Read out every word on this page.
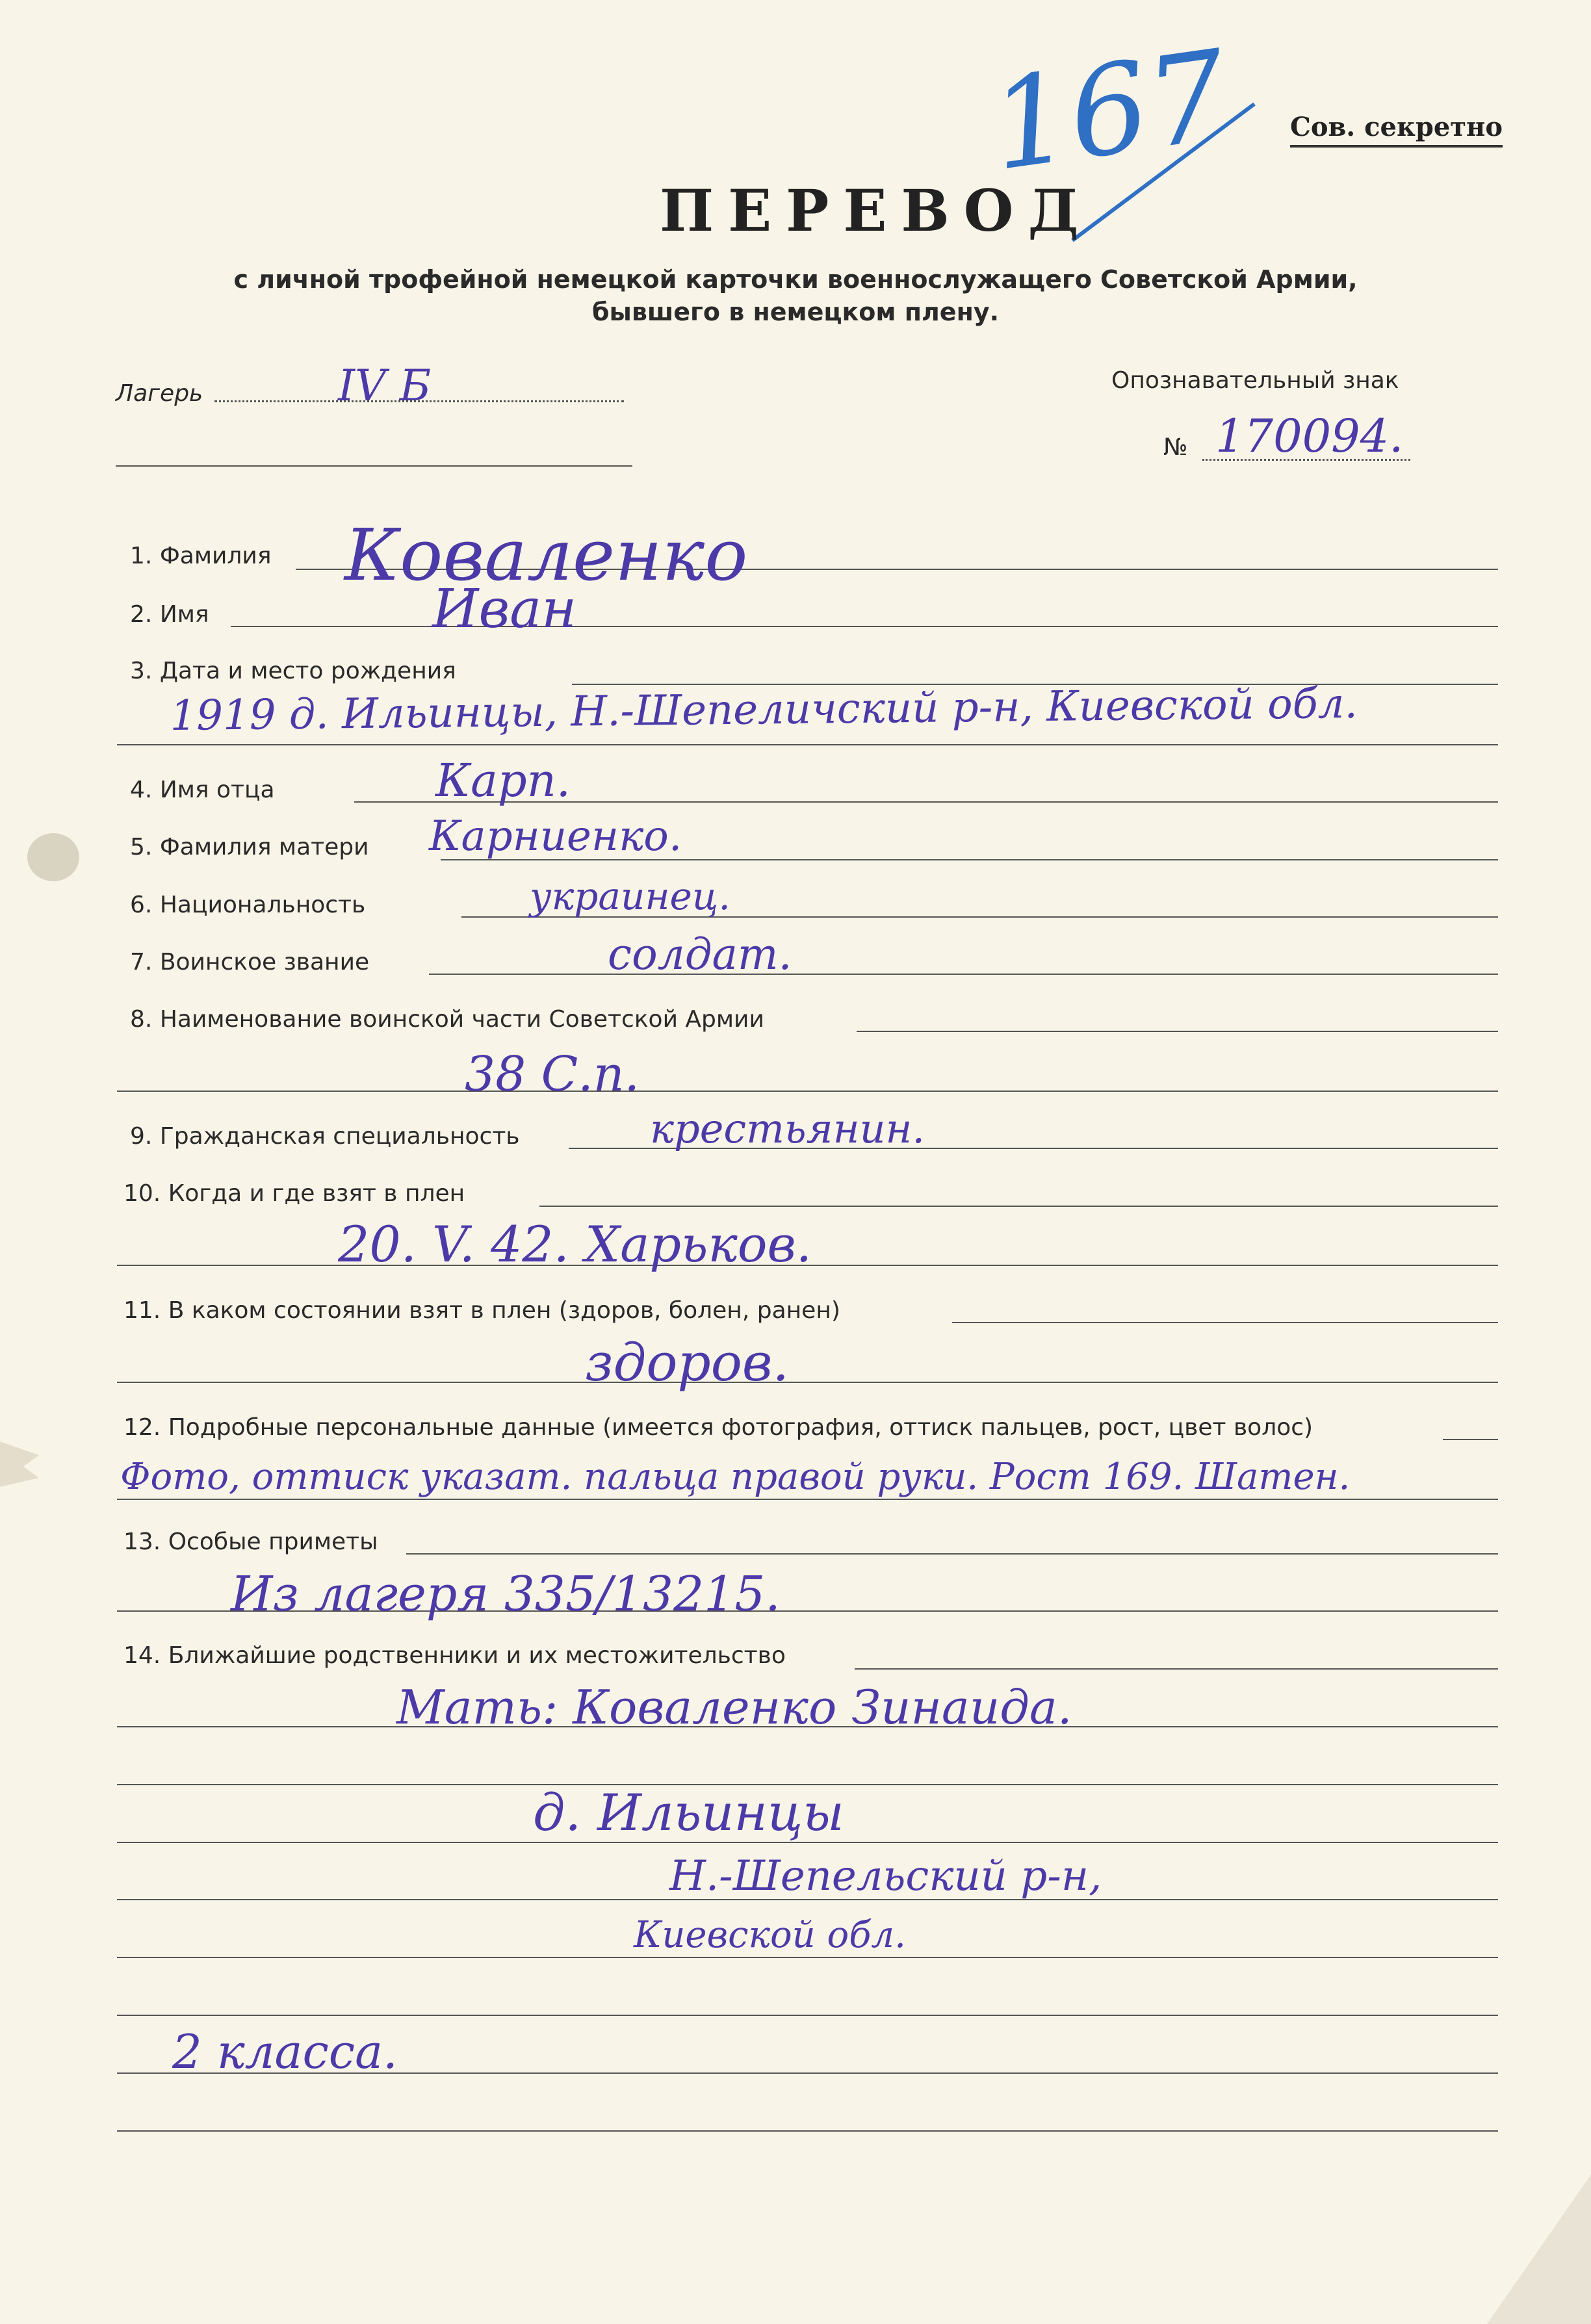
167 Сов. секретно
ПЕРЕВОД
с личной трофейной немецкой карточки военнослужащего Советской Армии,
бывшего в немецком плену.
Лагерь	IV Б	Опознавательный знак
№ 170094.
1. Фамилия
2. Имя
3. Дата и место рождения
4. Имя отца
5. Фамилия матери
6. Национальность
7. Воинское звание
8. Наименование воинской части Советской Армии
9. Гражданская специальность
10. Когда и где взят в плен
11. В каком состоянии взят в плен (здоров, болен, ранен)
12. Подробные персональные данные (имеется фотография, оттиск пальцев, рост, цвет волос)
13. Особые приметы
14. Ближайшие родственники и их местожительство
Коваленко
Иван
1919 д. Ильинцы, Н.-Шепеличский р-н, Киевской обл.
Карп.
Карниенко.
украинец.
солдат.
38 С.п.
крестьянин.
20. V. 42. Харьков.
здоров.
Фото, оттиск указат. пальца правой руки. Рост 169. Шатен.
Из лагеря 335/13215.
Мать: Коваленко Зинаида.
д. Ильинцы
Н.-Шепельский р-н,
Киевской обл.
2 класса.
